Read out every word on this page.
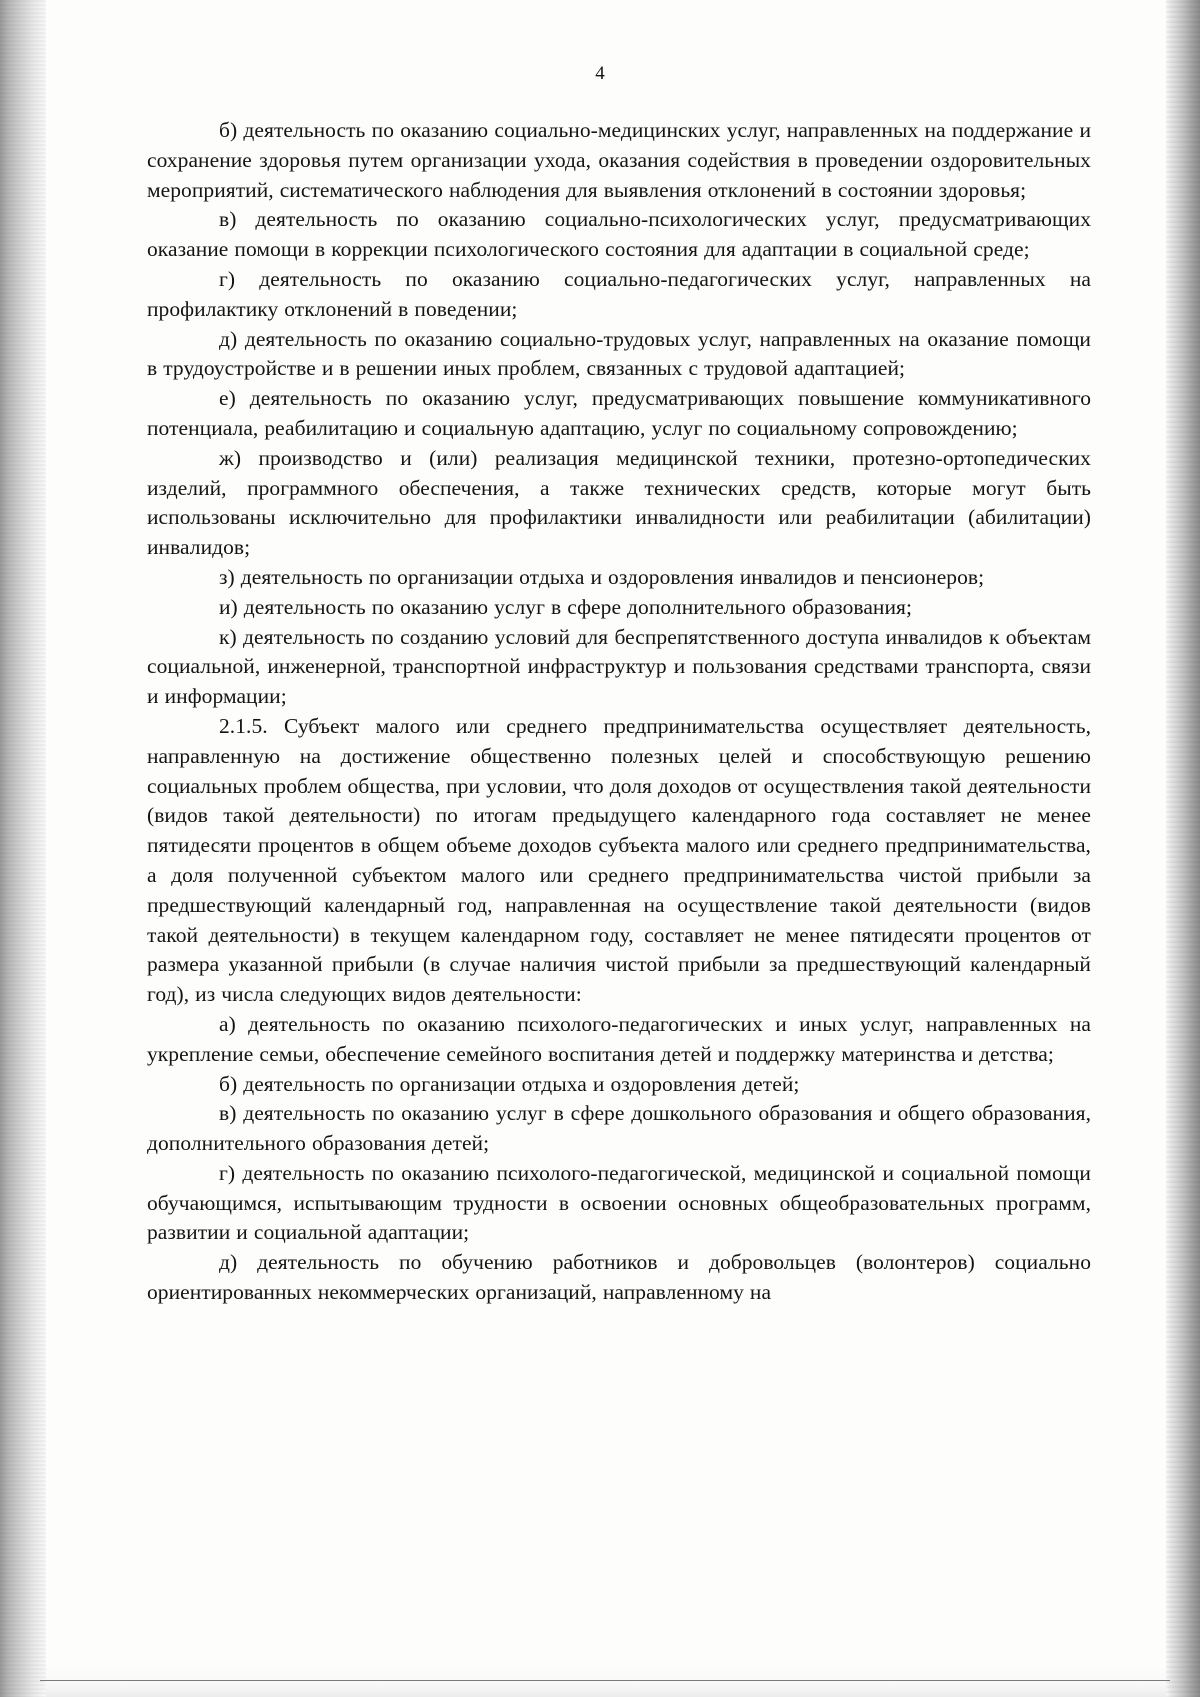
4

б) деятельность по оказанию социально-медицинских услуг, направленных на поддержание и сохранение здоровья путем организации ухода, оказания содействия в проведении оздоровительных мероприятий, систематического наблюдения для выявления отклонений в состоянии здоровья;

в) деятельность по оказанию социально-психологических услуг, предусматривающих оказание помощи в коррекции психологического состояния для адаптации в социальной среде;

г) деятельность по оказанию социально-педагогических услуг, направленных на профилактику отклонений в поведении;

д) деятельность по оказанию социально-трудовых услуг, направленных на оказание помощи в трудоустройстве и в решении иных проблем, связанных с трудовой адаптацией;

е) деятельность по оказанию услуг, предусматривающих повышение коммуникативного потенциала, реабилитацию и социальную адаптацию, услуг по социальному сопровождению;

ж) производство и (или) реализация медицинской техники, протезно-ортопедических изделий, программного обеспечения, а также технических средств, которые могут быть использованы исключительно для профилактики инвалидности или реабилитации (абилитации) инвалидов;

з) деятельность по организации отдыха и оздоровления инвалидов и пенсионеров;

и) деятельность по оказанию услуг в сфере дополнительного образования;

к) деятельность по созданию условий для беспрепятственного доступа инвалидов к объектам социальной, инженерной, транспортной инфраструктур и пользования средствами транспорта, связи и информации;

2.1.5. Субъект малого или среднего предпринимательства осуществляет деятельность, направленную на достижение общественно полезных целей и способствующую решению социальных проблем общества, при условии, что доля доходов от осуществления такой деятельности (видов такой деятельности) по итогам предыдущего календарного года составляет не менее пятидесяти процентов в общем объеме доходов субъекта малого или среднего предпринимательства, а доля полученной субъектом малого или среднего предпринимательства чистой прибыли за предшествующий календарный год, направленная на осуществление такой деятельности (видов такой деятельности) в текущем календарном году, составляет не менее пятидесяти процентов от размера указанной прибыли (в случае наличия чистой прибыли за предшествующий календарный год), из числа следующих видов деятельности:

а) деятельность по оказанию психолого-педагогических и иных услуг, направленных на укрепление семьи, обеспечение семейного воспитания детей и поддержку материнства и детства;

б) деятельность по организации отдыха и оздоровления детей;

в) деятельность по оказанию услуг в сфере дошкольного образования и общего образования, дополнительного образования детей;

г) деятельность по оказанию психолого-педагогической, медицинской и социальной помощи обучающимся, испытывающим трудности в освоении основных общеобразовательных программ, развитии и социальной адаптации;

д) деятельность по обучению работников и добровольцев (волонтеров) социально ориентированных некоммерческих организаций, направленному на
